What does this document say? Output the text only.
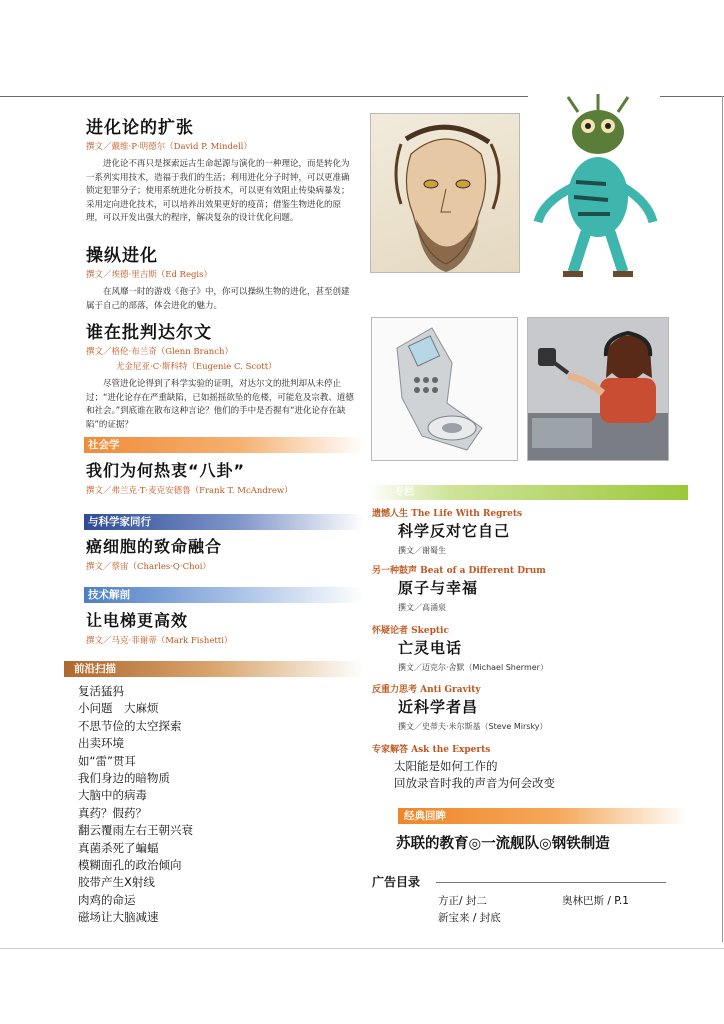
进化论的扩张
撰文／戴维·P·明德尔（David P. Mindell）

进化论不再只是探索远古生命起源与演化的一种理论，而是转化为一系列实用技术，造福于我们的生活；利用进化分子时钟，可以更准确锁定犯罪分子；使用系统进化分析技术，可以更有效阻止传染病暴发；采用定向进化技术，可以培养出效果更好的疫苗；借鉴生物进化的原理，可以开发出强大的程序，解决复杂的设计优化问题。

操纵进化
撰文／埃德·里吉斯（Ed Regis）

在风靡一时的游戏《孢子》中，你可以操纵生物的进化，甚至创建属于自己的部落，体会进化的魅力。

谁在批判达尔文
撰文／格伦·布兰奇（Glenn Branch）
尤金尼亚·C·斯科特（Eugenie C. Scott）

尽管进化论得到了科学实验的证明，对达尔文的批判却从未停止过；“进化论存在严重缺陷，已如摇摇欲坠的危楼，可能危及宗教、道德和社会。”到底谁在散布这种言论？他们的手中是否握有“进化论存在缺陷”的证据？

社会学
我们为何热衷“八卦”
撰文／弗兰克·T·麦克安德鲁（Frank T. McAndrew）
与科学家同行
癌细胞的致命融合
撰文／蔡宙（Charles·Q·Choi）
技术解剖
让电梯更高效
撰文／马克·菲谢蒂（Mark Fishetti）
前沿扫描
复活猛犸
小问题　大麻烦
不思节俭的太空探索
出卖环境
如“雷”贯耳
我们身边的暗物质
大脑中的病毒
真药？假药？
翻云覆雨左右王朝兴衰
真菌杀死了蝙蝠
模糊面孔的政治倾向
胶带产生X射线
肉鸡的命运
磁场让大脑减速
专栏
遗憾人生 The Life With Regrets
科学反对它自己
撰文／谢蜀生
另一种鼓声 Beat of a Different Drum
原子与幸福
撰文／高涌泉
怀疑论者 Skeptic
亡灵电话
撰文／迈克尔·舍默（Michael Shermer）
反重力思考 Anti Gravity
近科学者昌
撰文／史蒂夫·米尔斯基（Steve Mirsky）
专家解答 Ask the Experts
太阳能是如何工作的
回放录音时我的声音为何会改变
经典回眸
苏联的教育◎一流舰队◎钢铁制造
广告目录
方正/ 封二	奥林巴斯 / P.1
新宝来 / 封底
